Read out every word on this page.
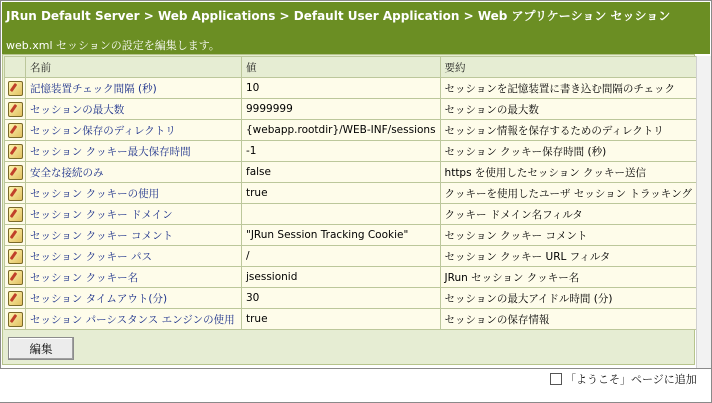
JRun Default Server > Web Applications > Default User Application > Web アプリケーション セッション
web.xml セッションの設定を編集します。
	名前	値	要約
	記憶装置チェック間隔 (秒)	10	セッションを記憶装置に書き込む間隔のチェック
	セッションの最大数	9999999	セッションの最大数
	セッション保存のディレクトリ	{webapp.rootdir}/WEB-INF/sessions	セッション情報を保存するためのディレクトリ
	セッション クッキー最大保存時間	-1	セッション クッキー保存時間 (秒)
	安全な接続のみ	false	https を使用したセッション クッキー送信
	セッション クッキーの使用	true	クッキーを使用したユーザ セッション トラッキング
	セッション クッキー ドメイン		クッキー ドメイン名フィルタ
	セッション クッキー コメント	"JRun Session Tracking Cookie"	セッション クッキー コメント
	セッション クッキー パス	/	セッション クッキー URL フィルタ
	セッション クッキー名	jsessionid	JRun セッション クッキー名
	セッション タイムアウト(分)	30	セッションの最大アイドル時間 (分)
	セッション パーシスタンス エンジンの使用	true	セッションの保存情報
編集
「ようこそ」ページに追加
